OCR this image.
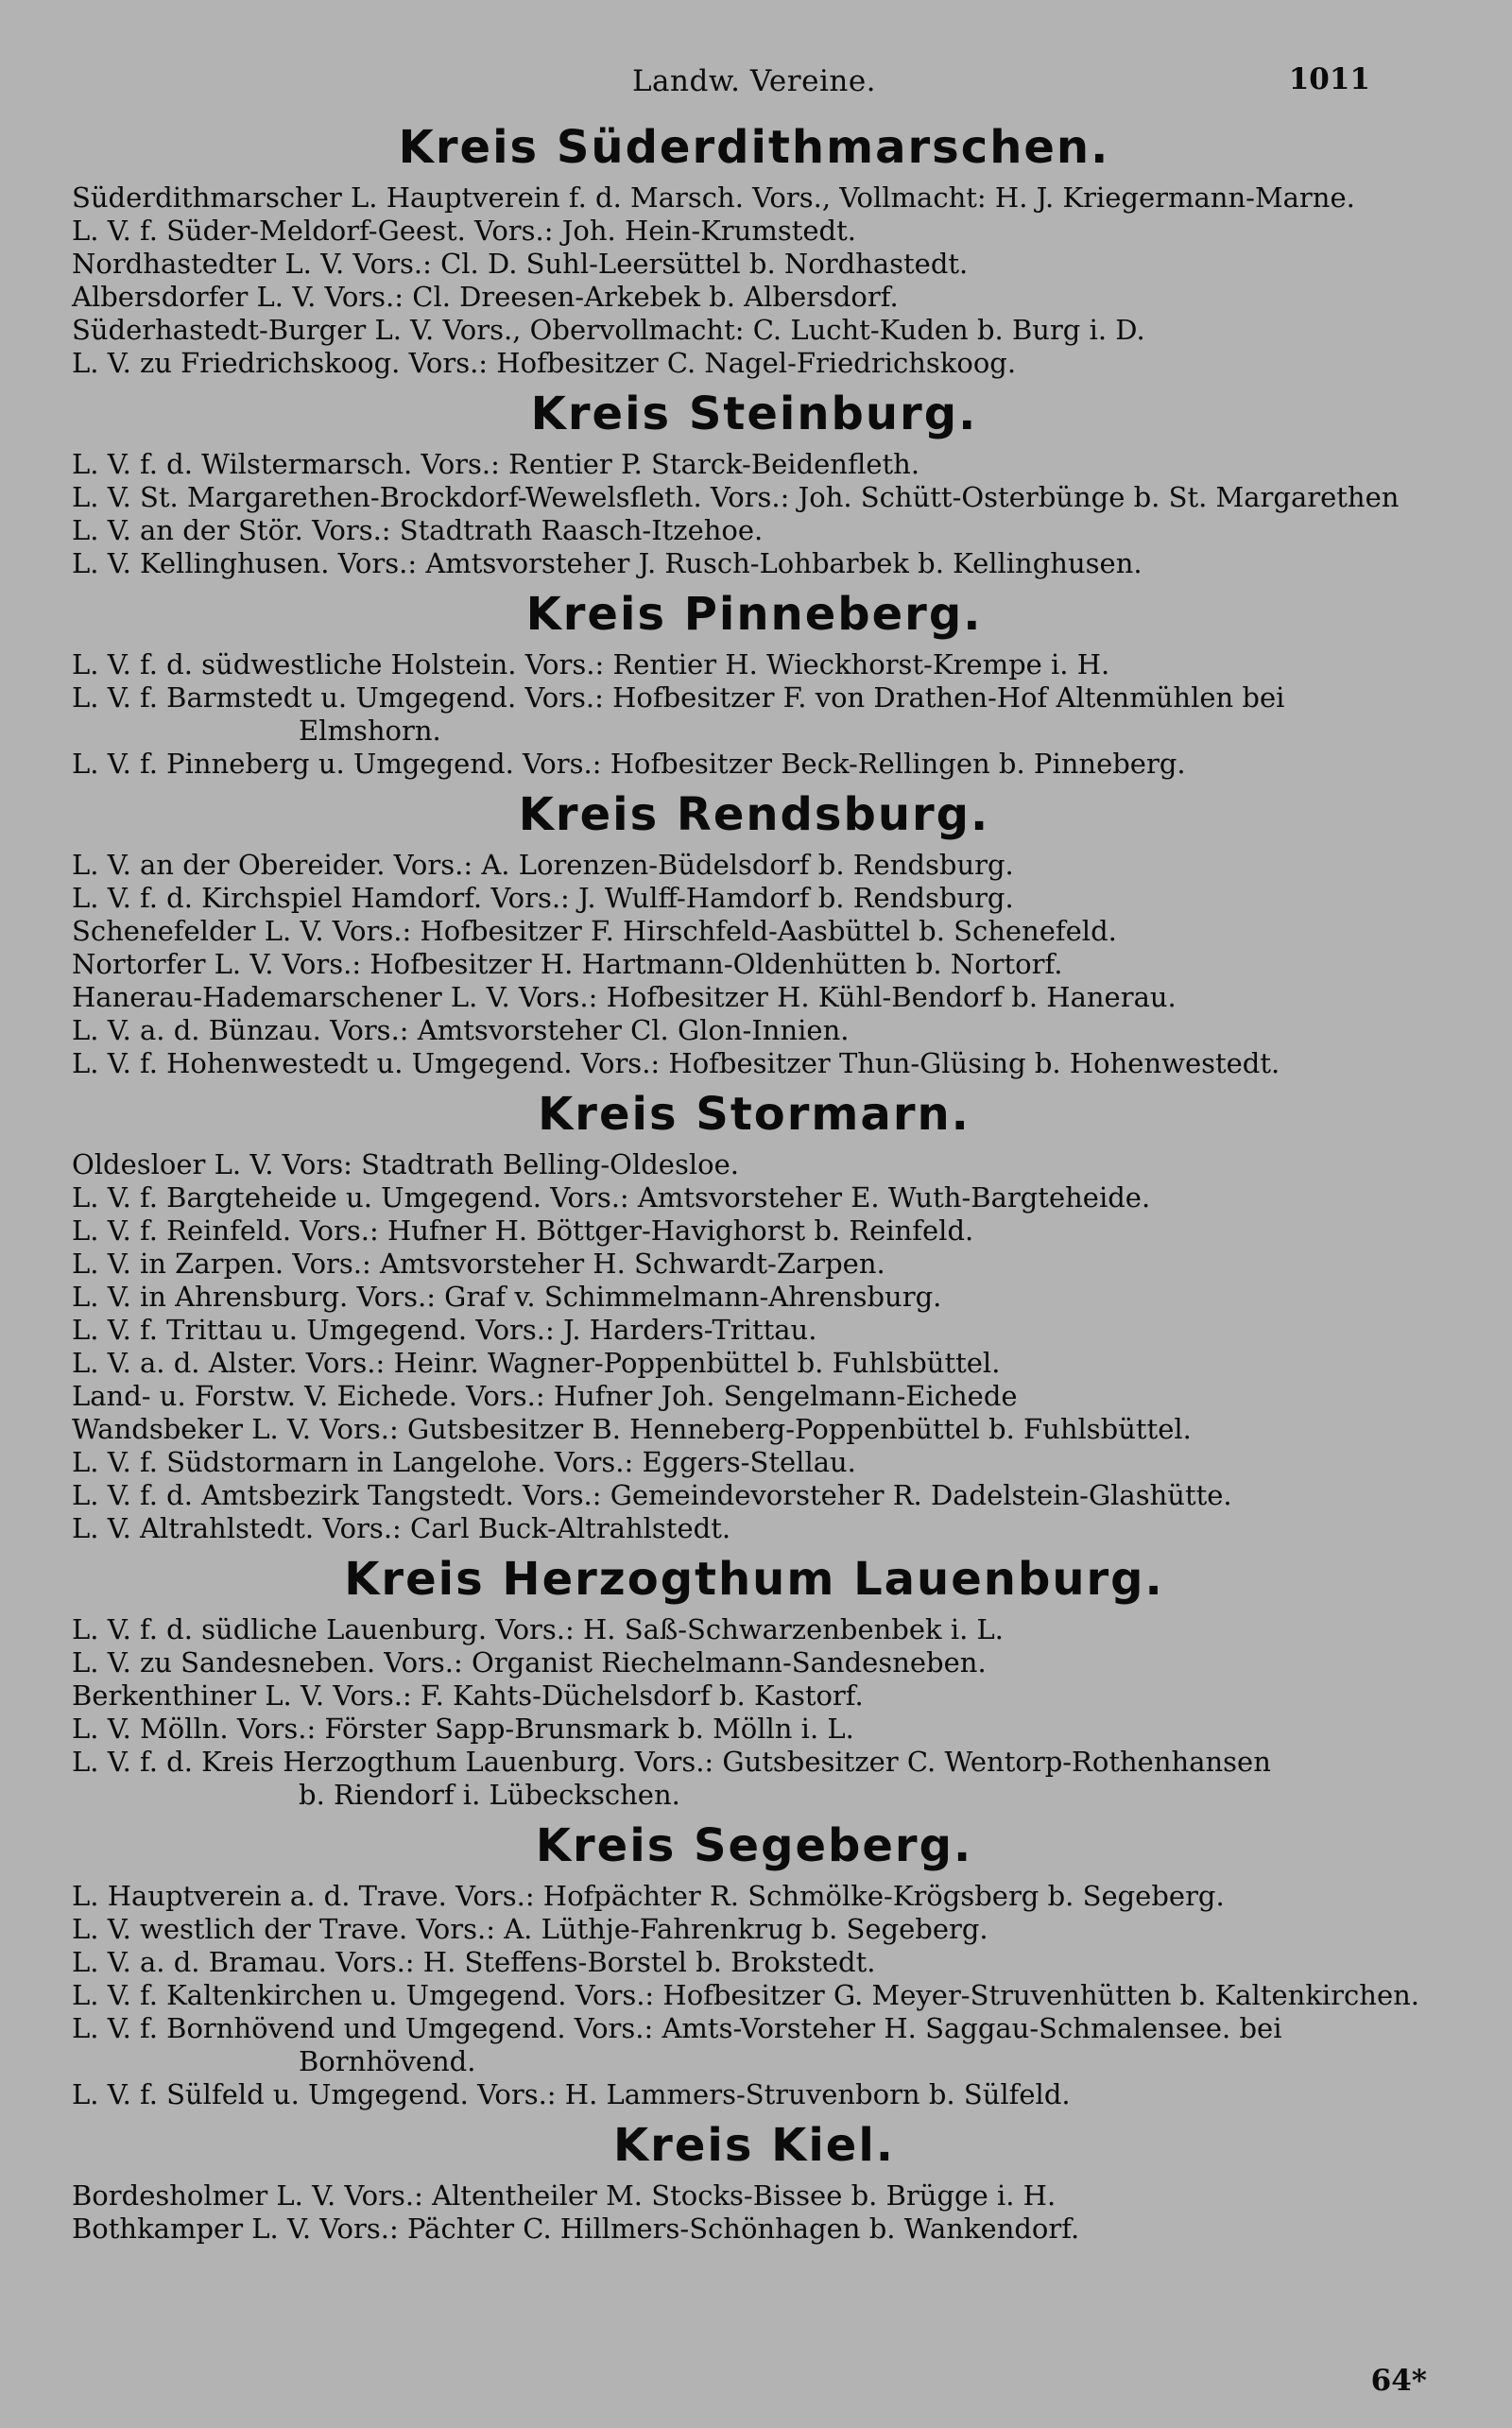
Landw. Vereine.	1011
Kreis Süderdithmarschen.
Süderdithmarscher L. Hauptverein f. d. Marsch. Vors., Vollmacht: H. J. Kriegermann-Marne.
L. V. f. Süder-Meldorf-Geest. Vors.: Joh. Hein-Krumstedt.
Nordhastedter L. V. Vors.: Cl. D. Suhl-Leersüttel b. Nordhastedt.
Albersdorfer L. V. Vors.: Cl. Dreesen-Arkebek b. Albersdorf.
Süderhastedt-Burger L. V. Vors., Obervollmacht: C. Lucht-Kuden b. Burg i. D.
L. V. zu Friedrichskoog. Vors.: Hofbesitzer C. Nagel-Friedrichskoog.
Kreis Steinburg.
L. V. f. d. Wilstermarsch. Vors.: Rentier P. Starck-Beidenfleth.
L. V. St. Margarethen-Brockdorf-Wewelsfleth. Vors.: Joh. Schütt-Osterbünge b. St. Margarethen
L. V. an der Stör. Vors.: Stadtrath Raasch-Itzehoe.
L. V. Kellinghusen. Vors.: Amtsvorsteher J. Rusch-Lohbarbek b. Kellinghusen.
Kreis Pinneberg.
L. V. f. d. südwestliche Holstein. Vors.: Rentier H. Wieckhorst-Krempe i. H.
L. V. f. Barmstedt u. Umgegend. Vors.: Hofbesitzer F. von Drathen-Hof Altenmühlen bei
Elmshorn.
L. V. f. Pinneberg u. Umgegend. Vors.: Hofbesitzer Beck-Rellingen b. Pinneberg.
Kreis Rendsburg.
L. V. an der Obereider. Vors.: A. Lorenzen-Büdelsdorf b. Rendsburg.
L. V. f. d. Kirchspiel Hamdorf. Vors.: J. Wulff-Hamdorf b. Rendsburg.
Schenefelder L. V. Vors.: Hofbesitzer F. Hirschfeld-Aasbüttel b. Schenefeld.
Nortorfer L. V. Vors.: Hofbesitzer H. Hartmann-Oldenhütten b. Nortorf.
Hanerau-Hademarschener L. V. Vors.: Hofbesitzer H. Kühl-Bendorf b. Hanerau.
L. V. a. d. Bünzau. Vors.: Amtsvorsteher Cl. Glon-Innien.
L. V. f. Hohenwestedt u. Umgegend. Vors.: Hofbesitzer Thun-Glüsing b. Hohenwestedt.
Kreis Stormarn.
Oldesloer L. V. Vors: Stadtrath Belling-Oldesloe.
L. V. f. Bargteheide u. Umgegend. Vors.: Amtsvorsteher E. Wuth-Bargteheide.
L. V. f. Reinfeld. Vors.: Hufner H. Böttger-Havighorst b. Reinfeld.
L. V. in Zarpen. Vors.: Amtsvorsteher H. Schwardt-Zarpen.
L. V. in Ahrensburg. Vors.: Graf v. Schimmelmann-Ahrensburg.
L. V. f. Trittau u. Umgegend. Vors.: J. Harders-Trittau.
L. V. a. d. Alster. Vors.: Heinr. Wagner-Poppenbüttel b. Fuhlsbüttel.
Land- u. Forstw. V. Eichede. Vors.: Hufner Joh. Sengelmann-Eichede
Wandsbeker L. V. Vors.: Gutsbesitzer B. Henneberg-Poppenbüttel b. Fuhlsbüttel.
L. V. f. Südstormarn in Langelohe. Vors.: Eggers-Stellau.
L. V. f. d. Amtsbezirk Tangstedt. Vors.: Gemeindevorsteher R. Dadelstein-Glashütte.
L. V. Altrahlstedt. Vors.: Carl Buck-Altrahlstedt.
Kreis Herzogthum Lauenburg.
L. V. f. d. südliche Lauenburg. Vors.: H. Saß-Schwarzenbenbek i. L.
L. V. zu Sandesneben. Vors.: Organist Riechelmann-Sandesneben.
Berkenthiner L. V. Vors.: F. Kahts-Düchelsdorf b. Kastorf.
L. V. Mölln. Vors.: Förster Sapp-Brunsmark b. Mölln i. L.
L. V. f. d. Kreis Herzogthum Lauenburg. Vors.: Gutsbesitzer C. Wentorp-Rothenhansen
b. Riendorf i. Lübeckschen.
Kreis Segeberg.
L. Hauptverein a. d. Trave. Vors.: Hofpächter R. Schmölke-Krögsberg b. Segeberg.
L. V. westlich der Trave. Vors.: A. Lüthje-Fahrenkrug b. Segeberg.
L. V. a. d. Bramau. Vors.: H. Steffens-Borstel b. Brokstedt.
L. V. f. Kaltenkirchen u. Umgegend. Vors.: Hofbesitzer G. Meyer-Struvenhütten b. Kaltenkirchen.
L. V. f. Bornhövend und Umgegend. Vors.: Amts-Vorsteher H. Saggau-Schmalensee. bei
Bornhövend.
L. V. f. Sülfeld u. Umgegend. Vors.: H. Lammers-Struvenborn b. Sülfeld.
Kreis Kiel.
Bordesholmer L. V. Vors.: Altentheiler M. Stocks-Bissee b. Brügge i. H.
Bothkamper L. V. Vors.: Pächter C. Hillmers-Schönhagen b. Wankendorf.
64*
